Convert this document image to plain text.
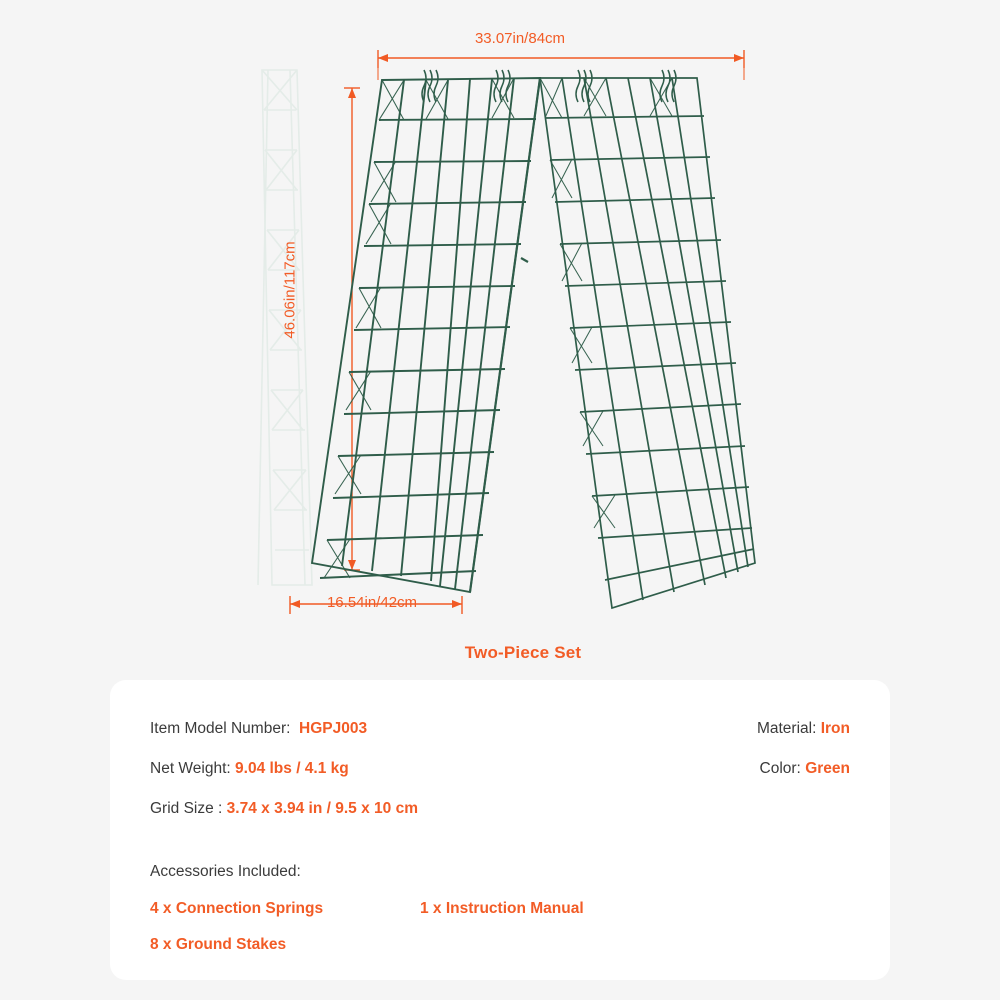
33.07in/84cm
46.06in/117cm
16.54in/42cm
Two-Piece Set
Item Model Number: HGPJ003
Net Weight: 9.04 lbs / 4.1 kg
Grid Size : 3.74 x 3.94 in / 9.5 x 10 cm
Material: Iron
Color: Green
Accessories Included:
4 x Connection Springs	1 x Instruction Manual
8 x Ground Stakes
